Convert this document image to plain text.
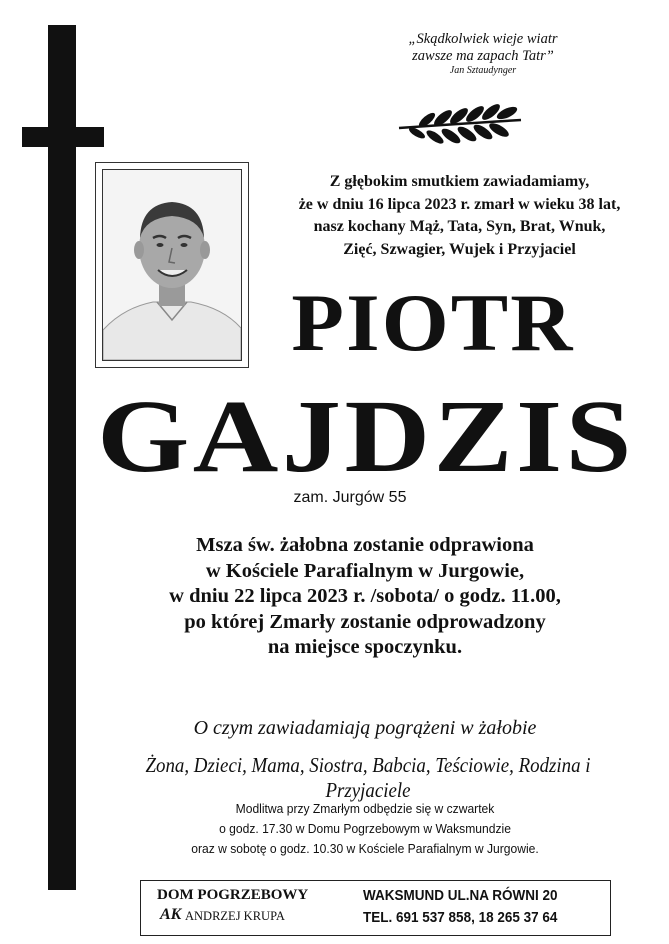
„Skądkolwiek wieje wiatr
zawsze ma zapach Tatr”
Jan Sztaudynger
Z głębokim smutkiem zawiadamiamy,
że w dniu 16 lipca 2023 r. zmarł w wieku 38 lat,
nasz kochany Mąż, Tata, Syn, Brat, Wnuk,
Zięć, Szwagier, Wujek i Przyjaciel
PIOTR
GAJDZIS
zam. Jurgów 55
Msza św. żałobna zostanie odprawiona
w Kościele Parafialnym w Jurgowie,
w dniu 22 lipca 2023 r. /sobota/ o godz. 11.00,
po której Zmarły zostanie odprowadzony
na miejsce spoczynku.
O czym zawiadamiają pogrążeni w żałobie
Żona, Dzieci, Mama, Siostra, Babcia, Teściowie, Rodzina i Przyjaciele
Modlitwa przy Zmarłym odbędzie się w czwartek
o godz. 17.30 w Domu Pogrzebowym w Waksmundzie
oraz w sobotę o godz. 10.30 w Kościele Parafialnym w Jurgowie.
DOM POGRZEBOWY
AK ANDRZEJ KRUPA
WAKSMUND UL.NA RÓWNI 20
TEL. 691 537 858, 18 265 37 64
